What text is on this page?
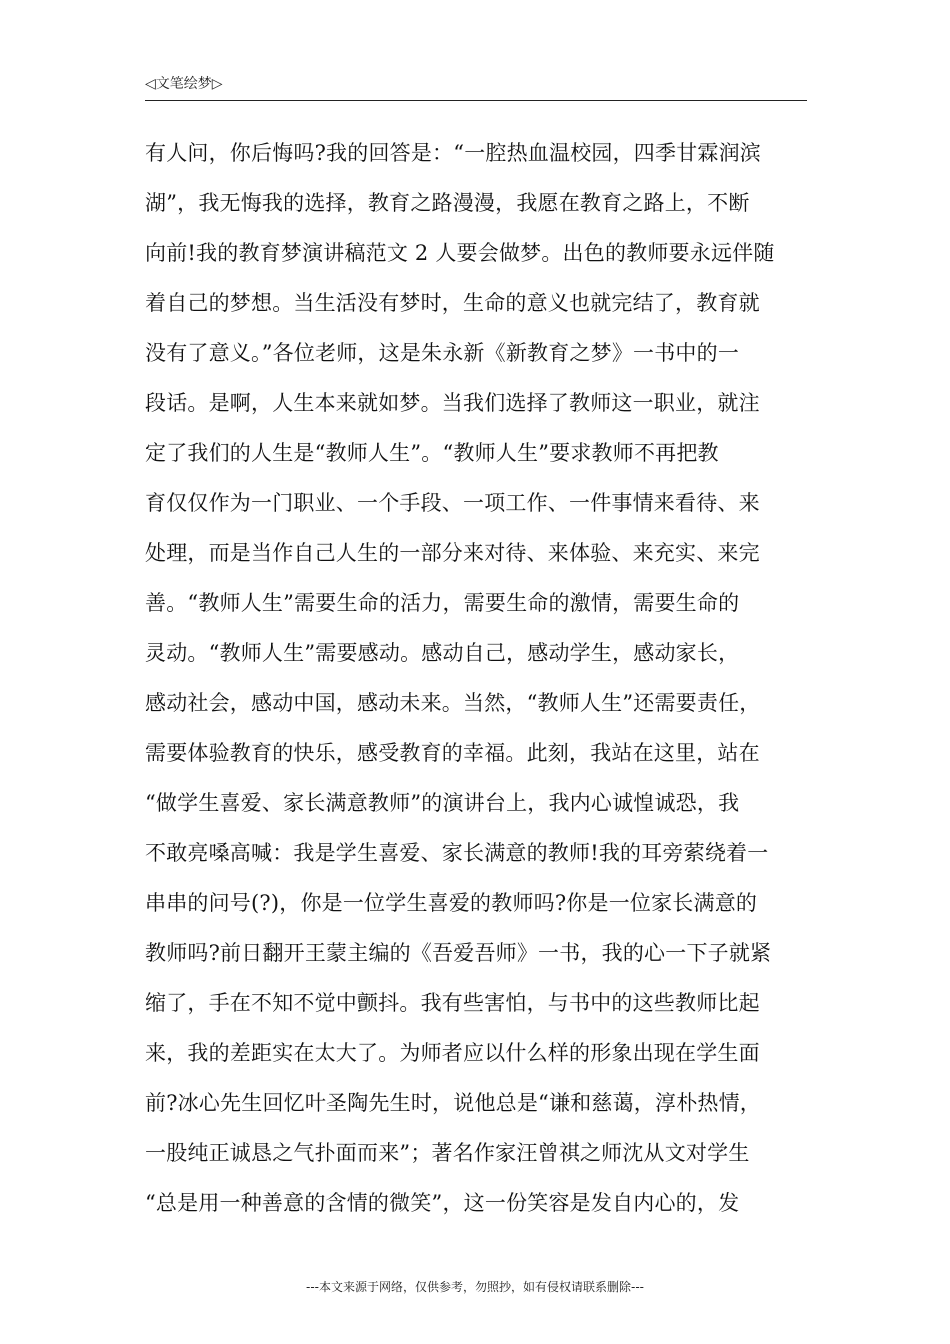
◁文笔绘梦▷
有人问，你后悔吗?我的回答是：“一腔热血温校园，四季甘霖润滨
湖”，我无悔我的选择，教育之路漫漫，我愿在教育之路上，不断
向前!我的教育梦演讲稿范文 2 人要会做梦。出色的教师要永远伴随
着自己的梦想。当生活没有梦时，生命的意义也就完结了，教育就
没有了意义。”各位老师，这是朱永新《新教育之梦》一书中的一
段话。是啊，人生本来就如梦。当我们选择了教师这一职业，就注
定了我们的人生是“教师人生”。“教师人生”要求教师不再把教
育仅仅作为一门职业、一个手段、一项工作、一件事情来看待、来
处理，而是当作自己人生的一部分来对待、来体验、来充实、来完
善。“教师人生”需要生命的活力，需要生命的激情，需要生命的
灵动。“教师人生”需要感动。感动自己，感动学生，感动家长，
感动社会，感动中国，感动未来。当然，“教师人生”还需要责任，
需要体验教育的快乐，感受教育的幸福。此刻，我站在这里，站在
“做学生喜爱、家长满意教师”的演讲台上，我内心诚惶诚恐，我
不敢亮嗓高喊：我是学生喜爱、家长满意的教师!我的耳旁萦绕着一
串串的问号(?)，你是一位学生喜爱的教师吗?你是一位家长满意的
教师吗?前日翻开王蒙主编的《吾爱吾师》一书，我的心一下子就紧
缩了，手在不知不觉中颤抖。我有些害怕，与书中的这些教师比起
来，我的差距实在太大了。为师者应以什么样的形象出现在学生面
前?冰心先生回忆叶圣陶先生时，说他总是“谦和慈蔼，淳朴热情，
一股纯正诚恳之气扑面而来”；著名作家汪曾祺之师沈从文对学生
“总是用一种善意的含情的微笑”，这一份笑容是发自内心的，发
---本文来源于网络，仅供参考，勿照抄，如有侵权请联系删除---
